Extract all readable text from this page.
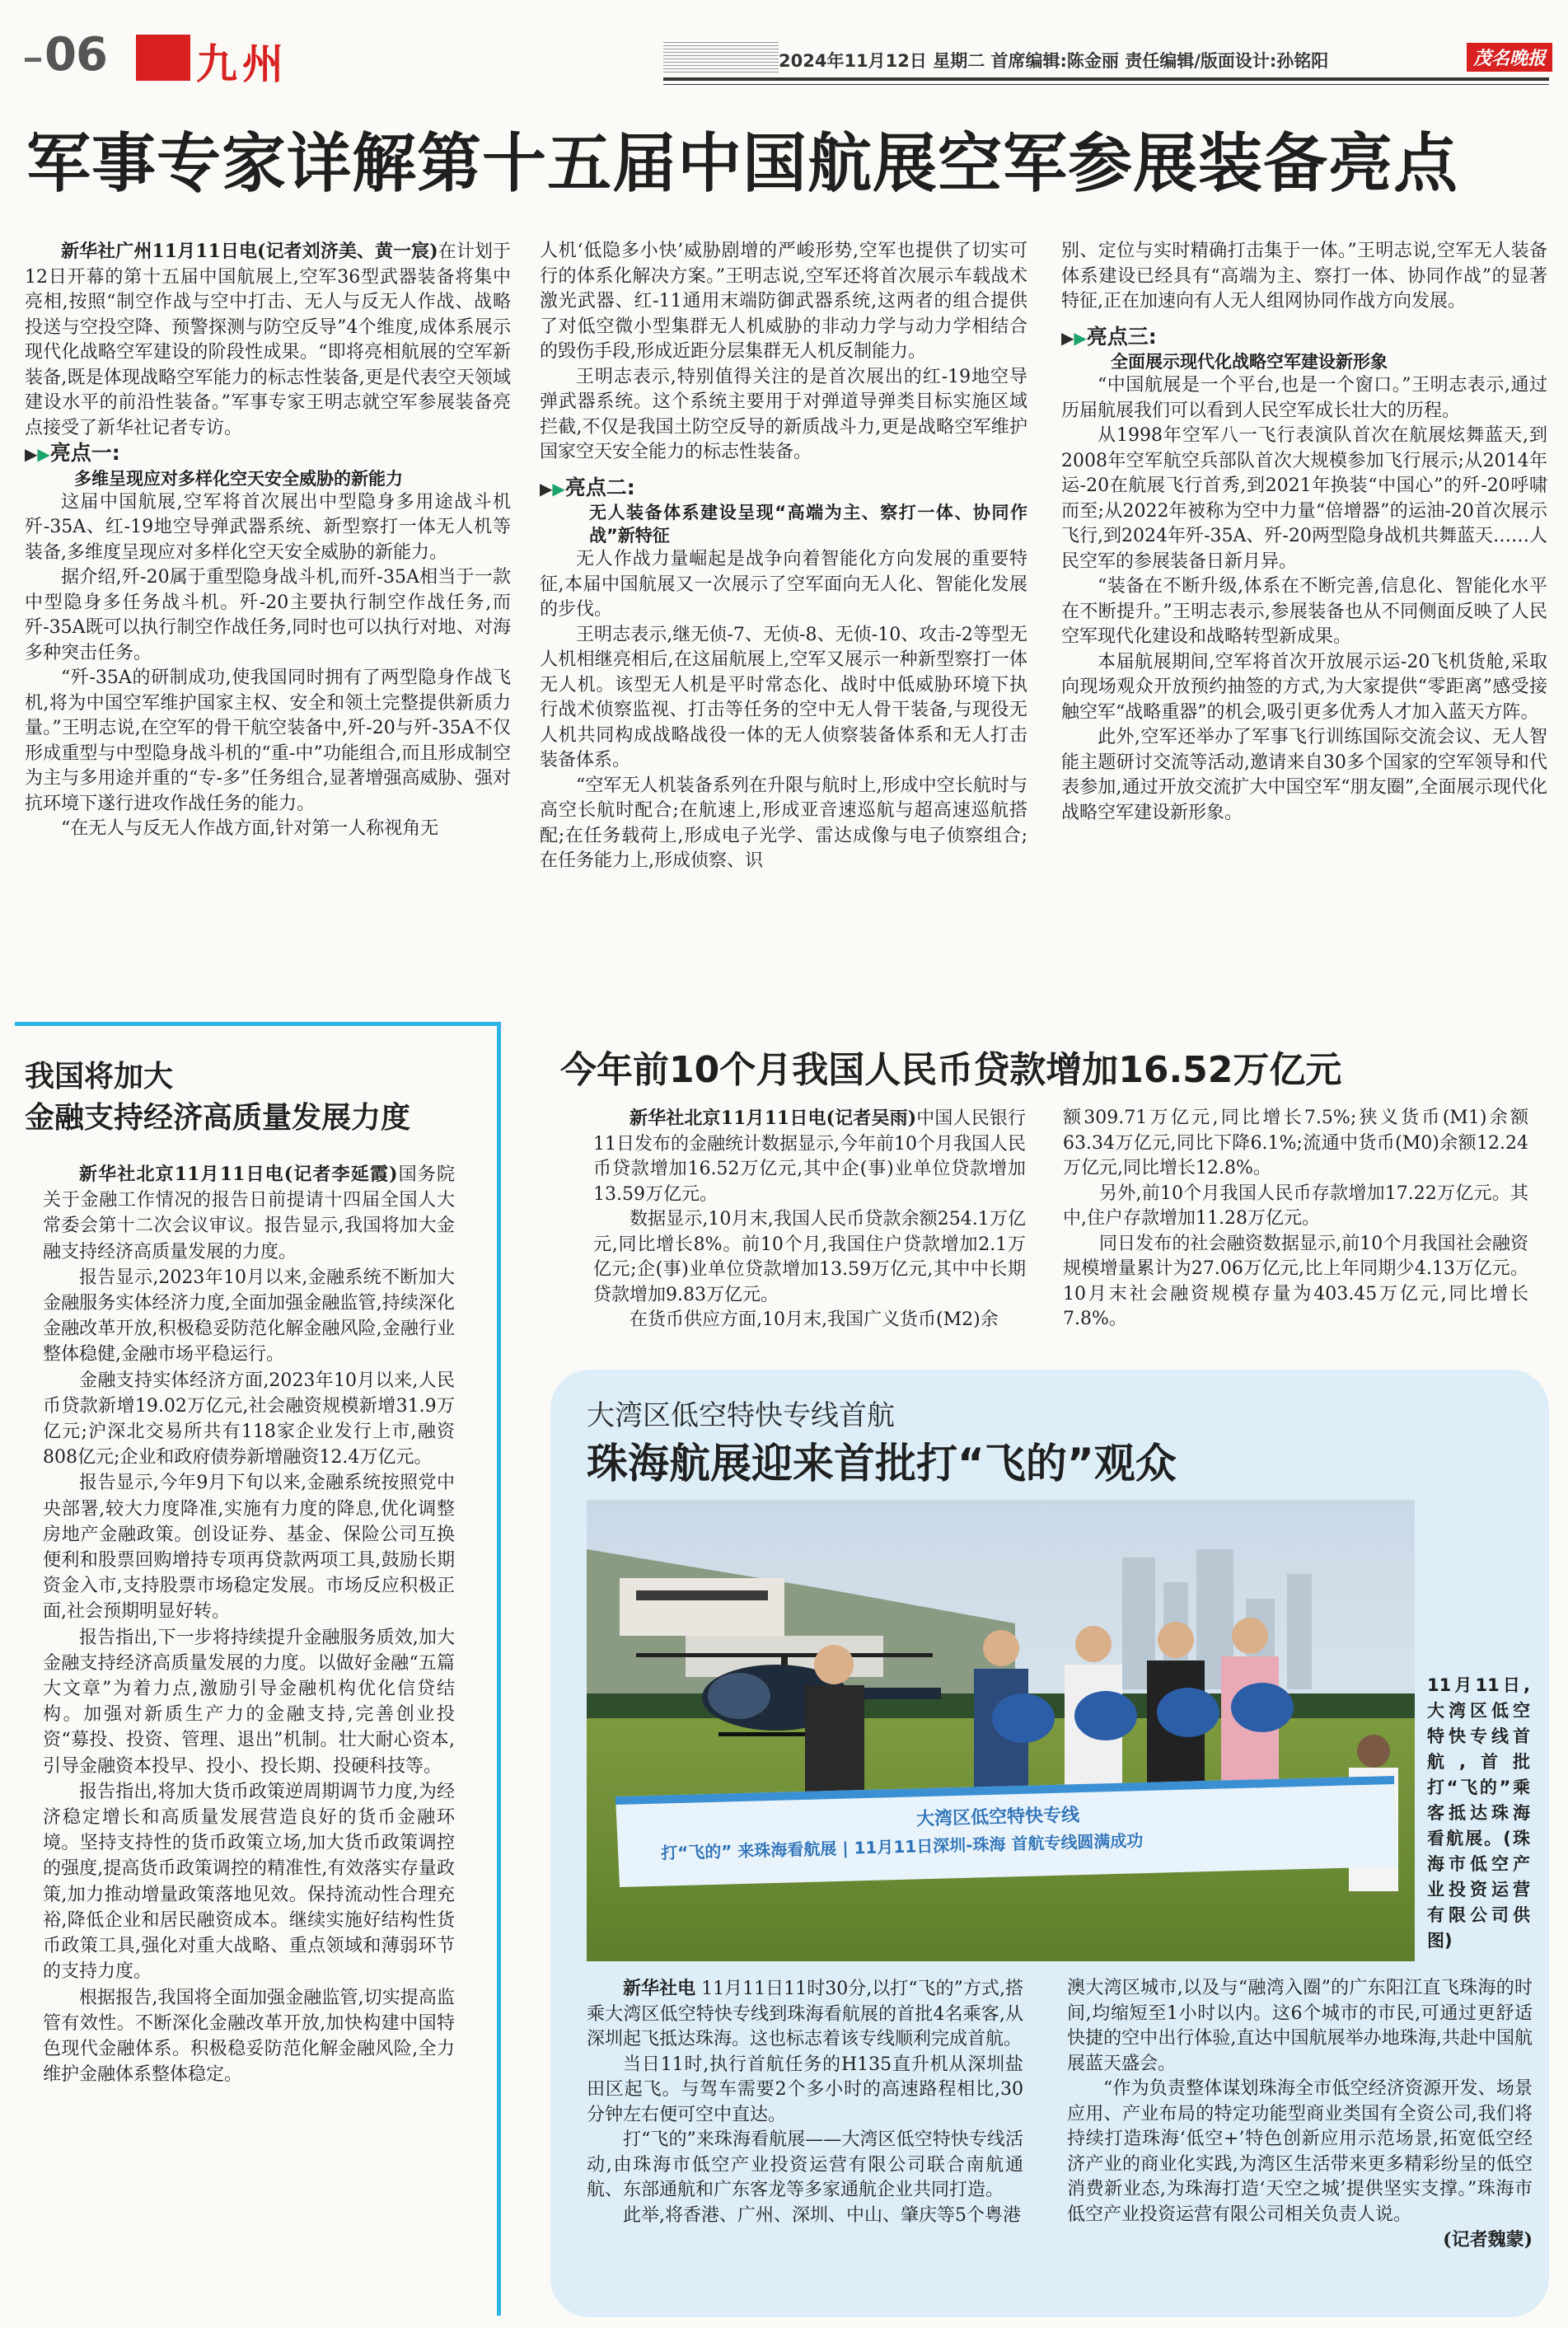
06 九州	2024年11月12日 星期二 首席编辑:陈金丽 责任编辑/版面设计:孙铭阳	茂名晚报
军事专家详解第十五届中国航展空军参展装备亮点

新华社广州11月11日电(记者刘济美、黄一宸)在计划于12日开幕的第十五届中国航展上,空军36型武器装备将集中亮相,按照“制空作战与空中打击、无人与反无人作战、战略投送与空投空降、预警探测与防空反导”4个维度,成体系展示现代化战略空军建设的阶段性成果。“即将亮相航展的空军新装备,既是体现战略空军能力的标志性装备,更是代表空天领域建设水平的前沿性装备。”军事专家王明志就空军参展装备亮点接受了新华社记者专访。

▶▶亮点一:

多维呈现应对多样化空天安全威胁的新能力

这届中国航展,空军将首次展出中型隐身多用途战斗机歼-35A、红-19地空导弹武器系统、新型察打一体无人机等装备,多维度呈现应对多样化空天安全威胁的新能力。

据介绍,歼-20属于重型隐身战斗机,而歼-35A相当于一款中型隐身多任务战斗机。歼-20主要执行制空作战任务,而歼-35A既可以执行制空作战任务,同时也可以执行对地、对海多种突击任务。

“歼-35A的研制成功,使我国同时拥有了两型隐身作战飞机,将为中国空军维护国家主权、安全和领土完整提供新质力量。”王明志说,在空军的骨干航空装备中,歼-20与歼-35A不仅形成重型与中型隐身战斗机的“重-中”功能组合,而且形成制空为主与多用途并重的“专-多”任务组合,显著增强高威胁、强对抗环境下遂行进攻作战任务的能力。

“在无人与反无人作战方面,针对第一人称视角无

人机‘低隐多小快’威胁剧增的严峻形势,空军也提供了切实可行的体系化解决方案。”王明志说,空军还将首次展示车载战术激光武器、红-11通用末端防御武器系统,这两者的组合提供了对低空微小型集群无人机威胁的非动力学与动力学相结合的毁伤手段,形成近距分层集群无人机反制能力。

王明志表示,特别值得关注的是首次展出的红-19地空导弹武器系统。这个系统主要用于对弹道导弹类目标实施区域拦截,不仅是我国土防空反导的新质战斗力,更是战略空军维护国家空天安全能力的标志性装备。

▶▶亮点二:

无人装备体系建设呈现“高端为主、察打一体、协同作战”新特征

无人作战力量崛起是战争向着智能化方向发展的重要特征,本届中国航展又一次展示了空军面向无人化、智能化发展的步伐。

王明志表示,继无侦-7、无侦-8、无侦-10、攻击-2等型无人机相继亮相后,在这届航展上,空军又展示一种新型察打一体无人机。该型无人机是平时常态化、战时中低威胁环境下执行战术侦察监视、打击等任务的空中无人骨干装备,与现役无人机共同构成战略战役一体的无人侦察装备体系和无人打击装备体系。

“空军无人机装备系列在升限与航时上,形成中空长航时与高空长航时配合;在航速上,形成亚音速巡航与超高速巡航搭配;在任务载荷上,形成电子光学、雷达成像与电子侦察组合;在任务能力上,形成侦察、识

别、定位与实时精确打击集于一体。”王明志说,空军无人装备体系建设已经具有“高端为主、察打一体、协同作战”的显著特征,正在加速向有人无人组网协同作战方向发展。

▶▶亮点三:

全面展示现代化战略空军建设新形象

“中国航展是一个平台,也是一个窗口。”王明志表示,通过历届航展我们可以看到人民空军成长壮大的历程。

从1998年空军八一飞行表演队首次在航展炫舞蓝天,到2008年空军航空兵部队首次大规模参加飞行展示;从2014年运-20在航展飞行首秀,到2021年换装“中国心”的歼-20呼啸而至;从2022年被称为空中力量“倍增器”的运油-20首次展示飞行,到2024年歼-35A、歼-20两型隐身战机共舞蓝天……人民空军的参展装备日新月异。

“装备在不断升级,体系在不断完善,信息化、智能化水平在不断提升。”王明志表示,参展装备也从不同侧面反映了人民空军现代化建设和战略转型新成果。

本届航展期间,空军将首次开放展示运-20飞机货舱,采取向现场观众开放预约抽签的方式,为大家提供“零距离”感受接触空军“战略重器”的机会,吸引更多优秀人才加入蓝天方阵。

此外,空军还举办了军事飞行训练国际交流会议、无人智能主题研讨交流等活动,邀请来自30多个国家的空军领导和代表参加,通过开放交流扩大中国空军“朋友圈”,全面展示现代化战略空军建设新形象。

我国将加大
金融支持经济高质量发展力度

新华社北京11月11日电(记者李延霞)国务院关于金融工作情况的报告日前提请十四届全国人大常委会第十二次会议审议。报告显示,我国将加大金融支持经济高质量发展的力度。

报告显示,2023年10月以来,金融系统不断加大金融服务实体经济力度,全面加强金融监管,持续深化金融改革开放,积极稳妥防范化解金融风险,金融行业整体稳健,金融市场平稳运行。

金融支持实体经济方面,2023年10月以来,人民币贷款新增19.02万亿元,社会融资规模新增31.9万亿元;沪深北交易所共有118家企业发行上市,融资808亿元;企业和政府债券新增融资12.4万亿元。

报告显示,今年9月下旬以来,金融系统按照党中央部署,较大力度降准,实施有力度的降息,优化调整房地产金融政策。创设证券、基金、保险公司互换便利和股票回购增持专项再贷款两项工具,鼓励长期资金入市,支持股票市场稳定发展。市场反应积极正面,社会预期明显好转。

报告指出,下一步将持续提升金融服务质效,加大金融支持经济高质量发展的力度。以做好金融“五篇大文章”为着力点,激励引导金融机构优化信贷结构。加强对新质生产力的金融支持,完善创业投资“募投、投资、管理、退出”机制。壮大耐心资本,引导金融资本投早、投小、投长期、投硬科技等。

报告指出,将加大货币政策逆周期调节力度,为经济稳定增长和高质量发展营造良好的货币金融环境。坚持支持性的货币政策立场,加大货币政策调控的强度,提高货币政策调控的精准性,有效落实存量政策,加力推动增量政策落地见效。保持流动性合理充裕,降低企业和居民融资成本。继续实施好结构性货币政策工具,强化对重大战略、重点领域和薄弱环节的支持力度。

根据报告,我国将全面加强金融监管,切实提高监管有效性。不断深化金融改革开放,加快构建中国特色现代金融体系。积极稳妥防范化解金融风险,全力维护金融体系整体稳定。

今年前10个月我国人民币贷款增加16.52万亿元

新华社北京11月11日电(记者吴雨)中国人民银行11日发布的金融统计数据显示,今年前10个月我国人民币贷款增加16.52万亿元,其中企(事)业单位贷款增加13.59万亿元。

数据显示,10月末,我国人民币贷款余额254.1万亿元,同比增长8%。前10个月,我国住户贷款增加2.1万亿元;企(事)业单位贷款增加13.59万亿元,其中中长期贷款增加9.83万亿元。

在货币供应方面,10月末,我国广义货币(M2)余

额309.71万亿元,同比增长7.5%;狭义货币(M1)余额63.34万亿元,同比下降6.1%;流通中货币(M0)余额12.24万亿元,同比增长12.8%。

另外,前10个月我国人民币存款增加17.22万亿元。其中,住户存款增加11.28万亿元。

同日发布的社会融资数据显示,前10个月我国社会融资规模增量累计为27.06万亿元,比上年同期少4.13万亿元。10月末社会融资规模存量为403.45万亿元,同比增长7.8%。

大湾区低空特快专线首航
珠海航展迎来首批打“飞的”观众
大湾区低空特快专线
打“飞的” 来珠海看航展 | 11月11日深圳-珠海 首航专线圆满成功
11月11日,大湾区低空特快专线首航,首批打“飞的”乘客抵达珠海看航展。(珠海市低空产业投资运营有限公司供图)

新华社电 11月11日11时30分,以打“飞的”方式,搭乘大湾区低空特快专线到珠海看航展的首批4名乘客,从深圳起飞抵达珠海。这也标志着该专线顺利完成首航。

当日11时,执行首航任务的H135直升机从深圳盐田区起飞。与驾车需要2个多小时的高速路程相比,30分钟左右便可空中直达。

打“飞的”来珠海看航展——大湾区低空特快专线活动,由珠海市低空产业投资运营有限公司联合南航通航、东部通航和广东客龙等多家通航企业共同打造。

此举,将香港、广州、深圳、中山、肇庆等5个粤港

澳大湾区城市,以及与“融湾入圈”的广东阳江直飞珠海的时间,均缩短至1小时以内。这6个城市的市民,可通过更舒适快捷的空中出行体验,直达中国航展举办地珠海,共赴中国航展蓝天盛会。

“作为负责整体谋划珠海全市低空经济资源开发、场景应用、产业布局的特定功能型商业类国有全资公司,我们将持续打造珠海‘低空+’特色创新应用示范场景,拓宽低空经济产业的商业化实践,为湾区生活带来更多精彩纷呈的低空消费新业态,为珠海打造‘天空之城’提供坚实支撑。”珠海市低空产业投资运营有限公司相关负责人说。

(记者魏蒙)
